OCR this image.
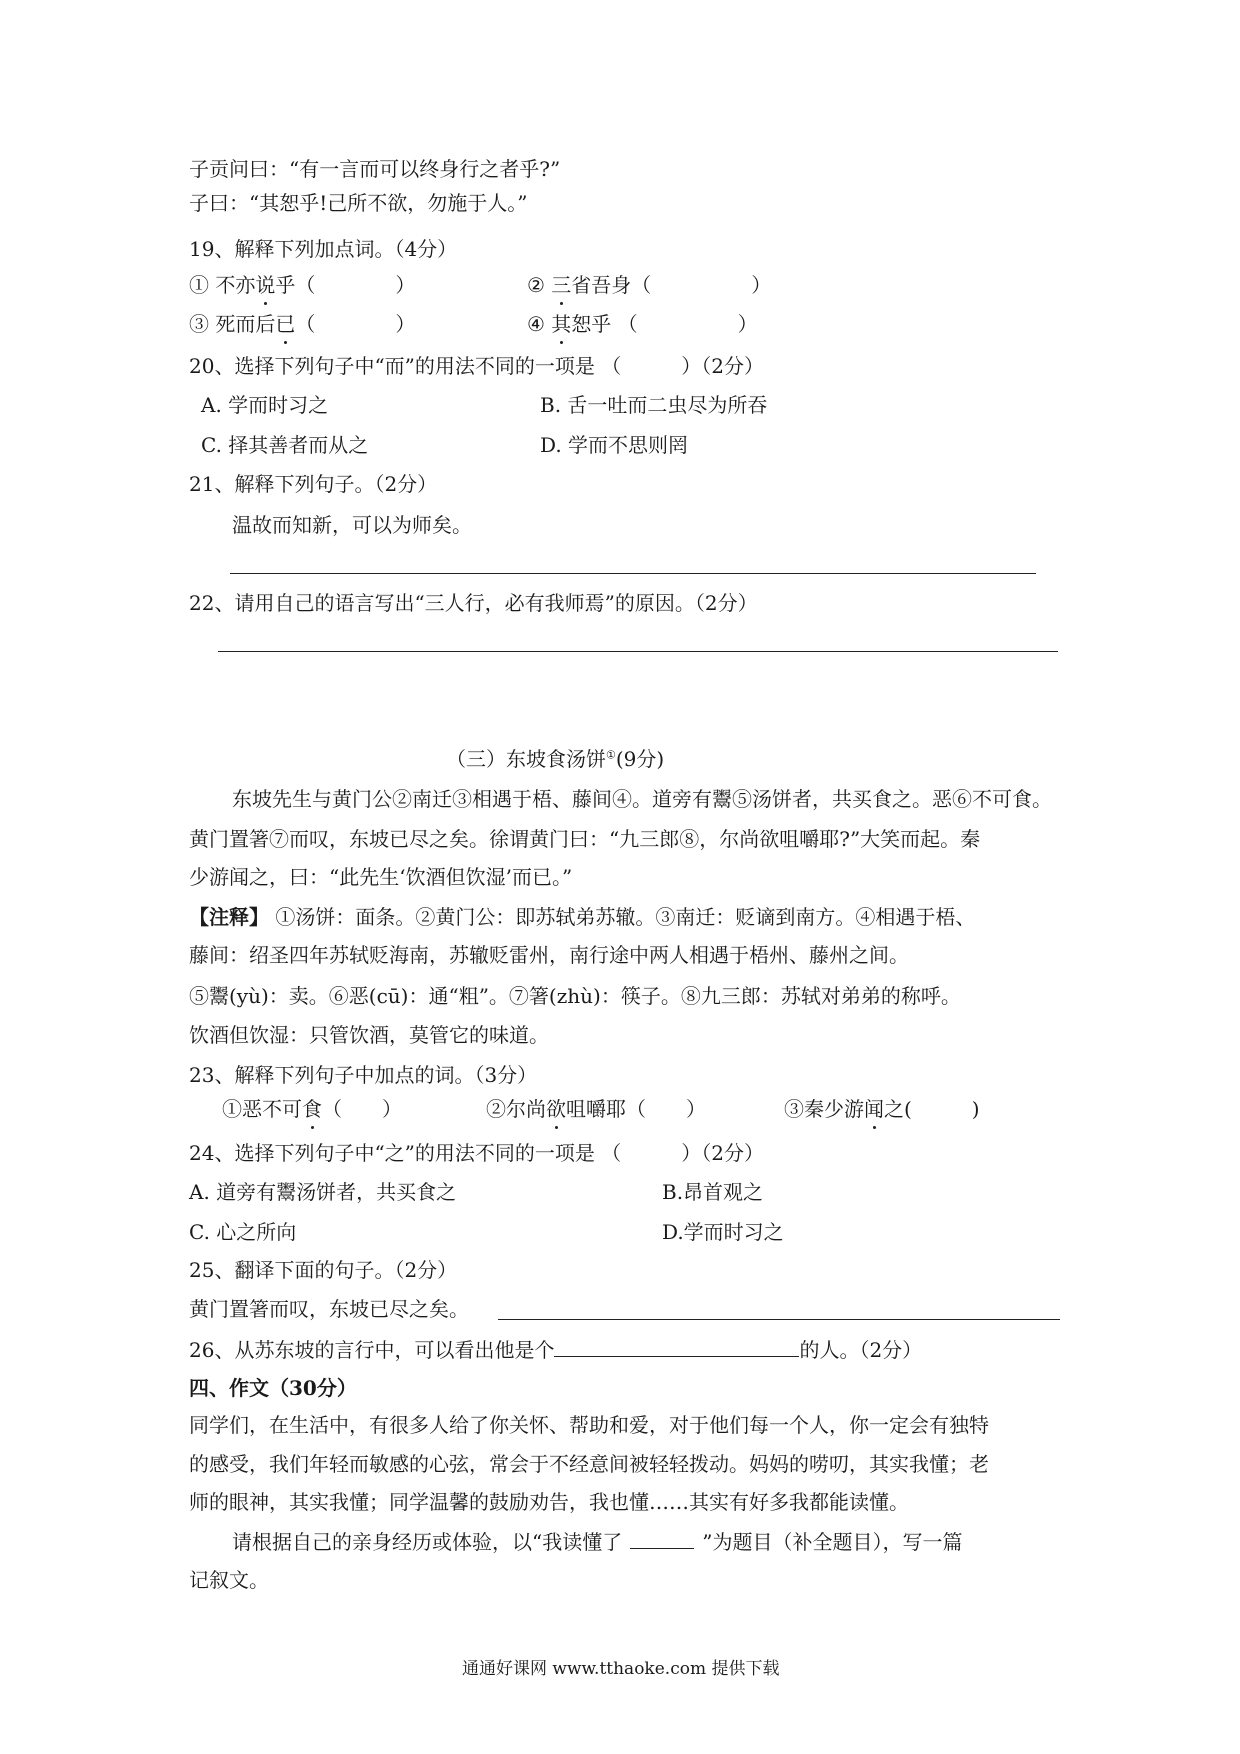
子贡问曰：“有一言而可以终身行之者乎?”
子曰：“其恕乎!己所不欲，勿施于人。”
19、解释下列加点词。（4分）
① 不亦说乎（　　　　）	② 三省吾身（　　　　　）
③ 死而后已（　　　　）	④ 其恕乎 （　　　　　）
20、选择下列句子中“而”的用法不同的一项是 （　　　）（2分）
A. 学而时习之	B. 舌一吐而二虫尽为所吞
C. 择其善者而从之	D. 学而不思则罔
21、解释下列句子。（2分）
温故而知新，可以为师矣。
22、请用自己的语言写出“三人行，必有我师焉”的原因。（2分）
（三）东坡食汤饼①(9分)
东坡先生与黄门公②南迁③相遇于梧、藤间④。道旁有鬻⑤汤饼者，共买食之。恶⑥不可食。
黄门置箸⑦而叹，东坡已尽之矣。徐谓黄门曰：“九三郎⑧，尔尚欲咀嚼耶?”大笑而起。秦
少游闻之，曰：“此先生‘饮酒但饮湿’而已。”
【注释】 ①汤饼：面条。②黄门公：即苏轼弟苏辙。③南迁：贬谪到南方。④相遇于梧、
藤间：绍圣四年苏轼贬海南，苏辙贬雷州，南行途中两人相遇于梧州、藤州之间。
⑤鬻(yù)：卖。⑥恶(cū)：通“粗”。⑦箸(zhù)：筷子。⑧九三郎：苏轼对弟弟的称呼。
饮酒但饮湿：只管饮酒，莫管它的味道。
23、解释下列句子中加点的词。（3分）
①恶不可食（　　）	②尔尚欲咀嚼耶（　　）	③秦少游闻之(　　　)
24、选择下列句子中“之”的用法不同的一项是 （　　　）（2分）
A. 道旁有鬻汤饼者，共买食之	B.昂首观之
C. 心之所向	D.学而时习之
25、翻译下面的句子。（2分）
黄门置箸而叹，东坡已尽之矣。
26、从苏东坡的言行中，可以看出他是个	的人。（2分）
四、作文（30分）
同学们，在生活中，有很多人给了你关怀、帮助和爱，对于他们每一个人，你一定会有独特
的感受，我们年轻而敏感的心弦，常会于不经意间被轻轻拨动。妈妈的唠叨，其实我懂；老
师的眼神，其实我懂；同学温馨的鼓励劝告，我也懂……其实有好多我都能读懂。
请根据自己的亲身经历或体验，以“我读懂了	”为题目（补全题目），写一篇
记叙文。
通通好课网 www.tthaoke.com 提供下载
